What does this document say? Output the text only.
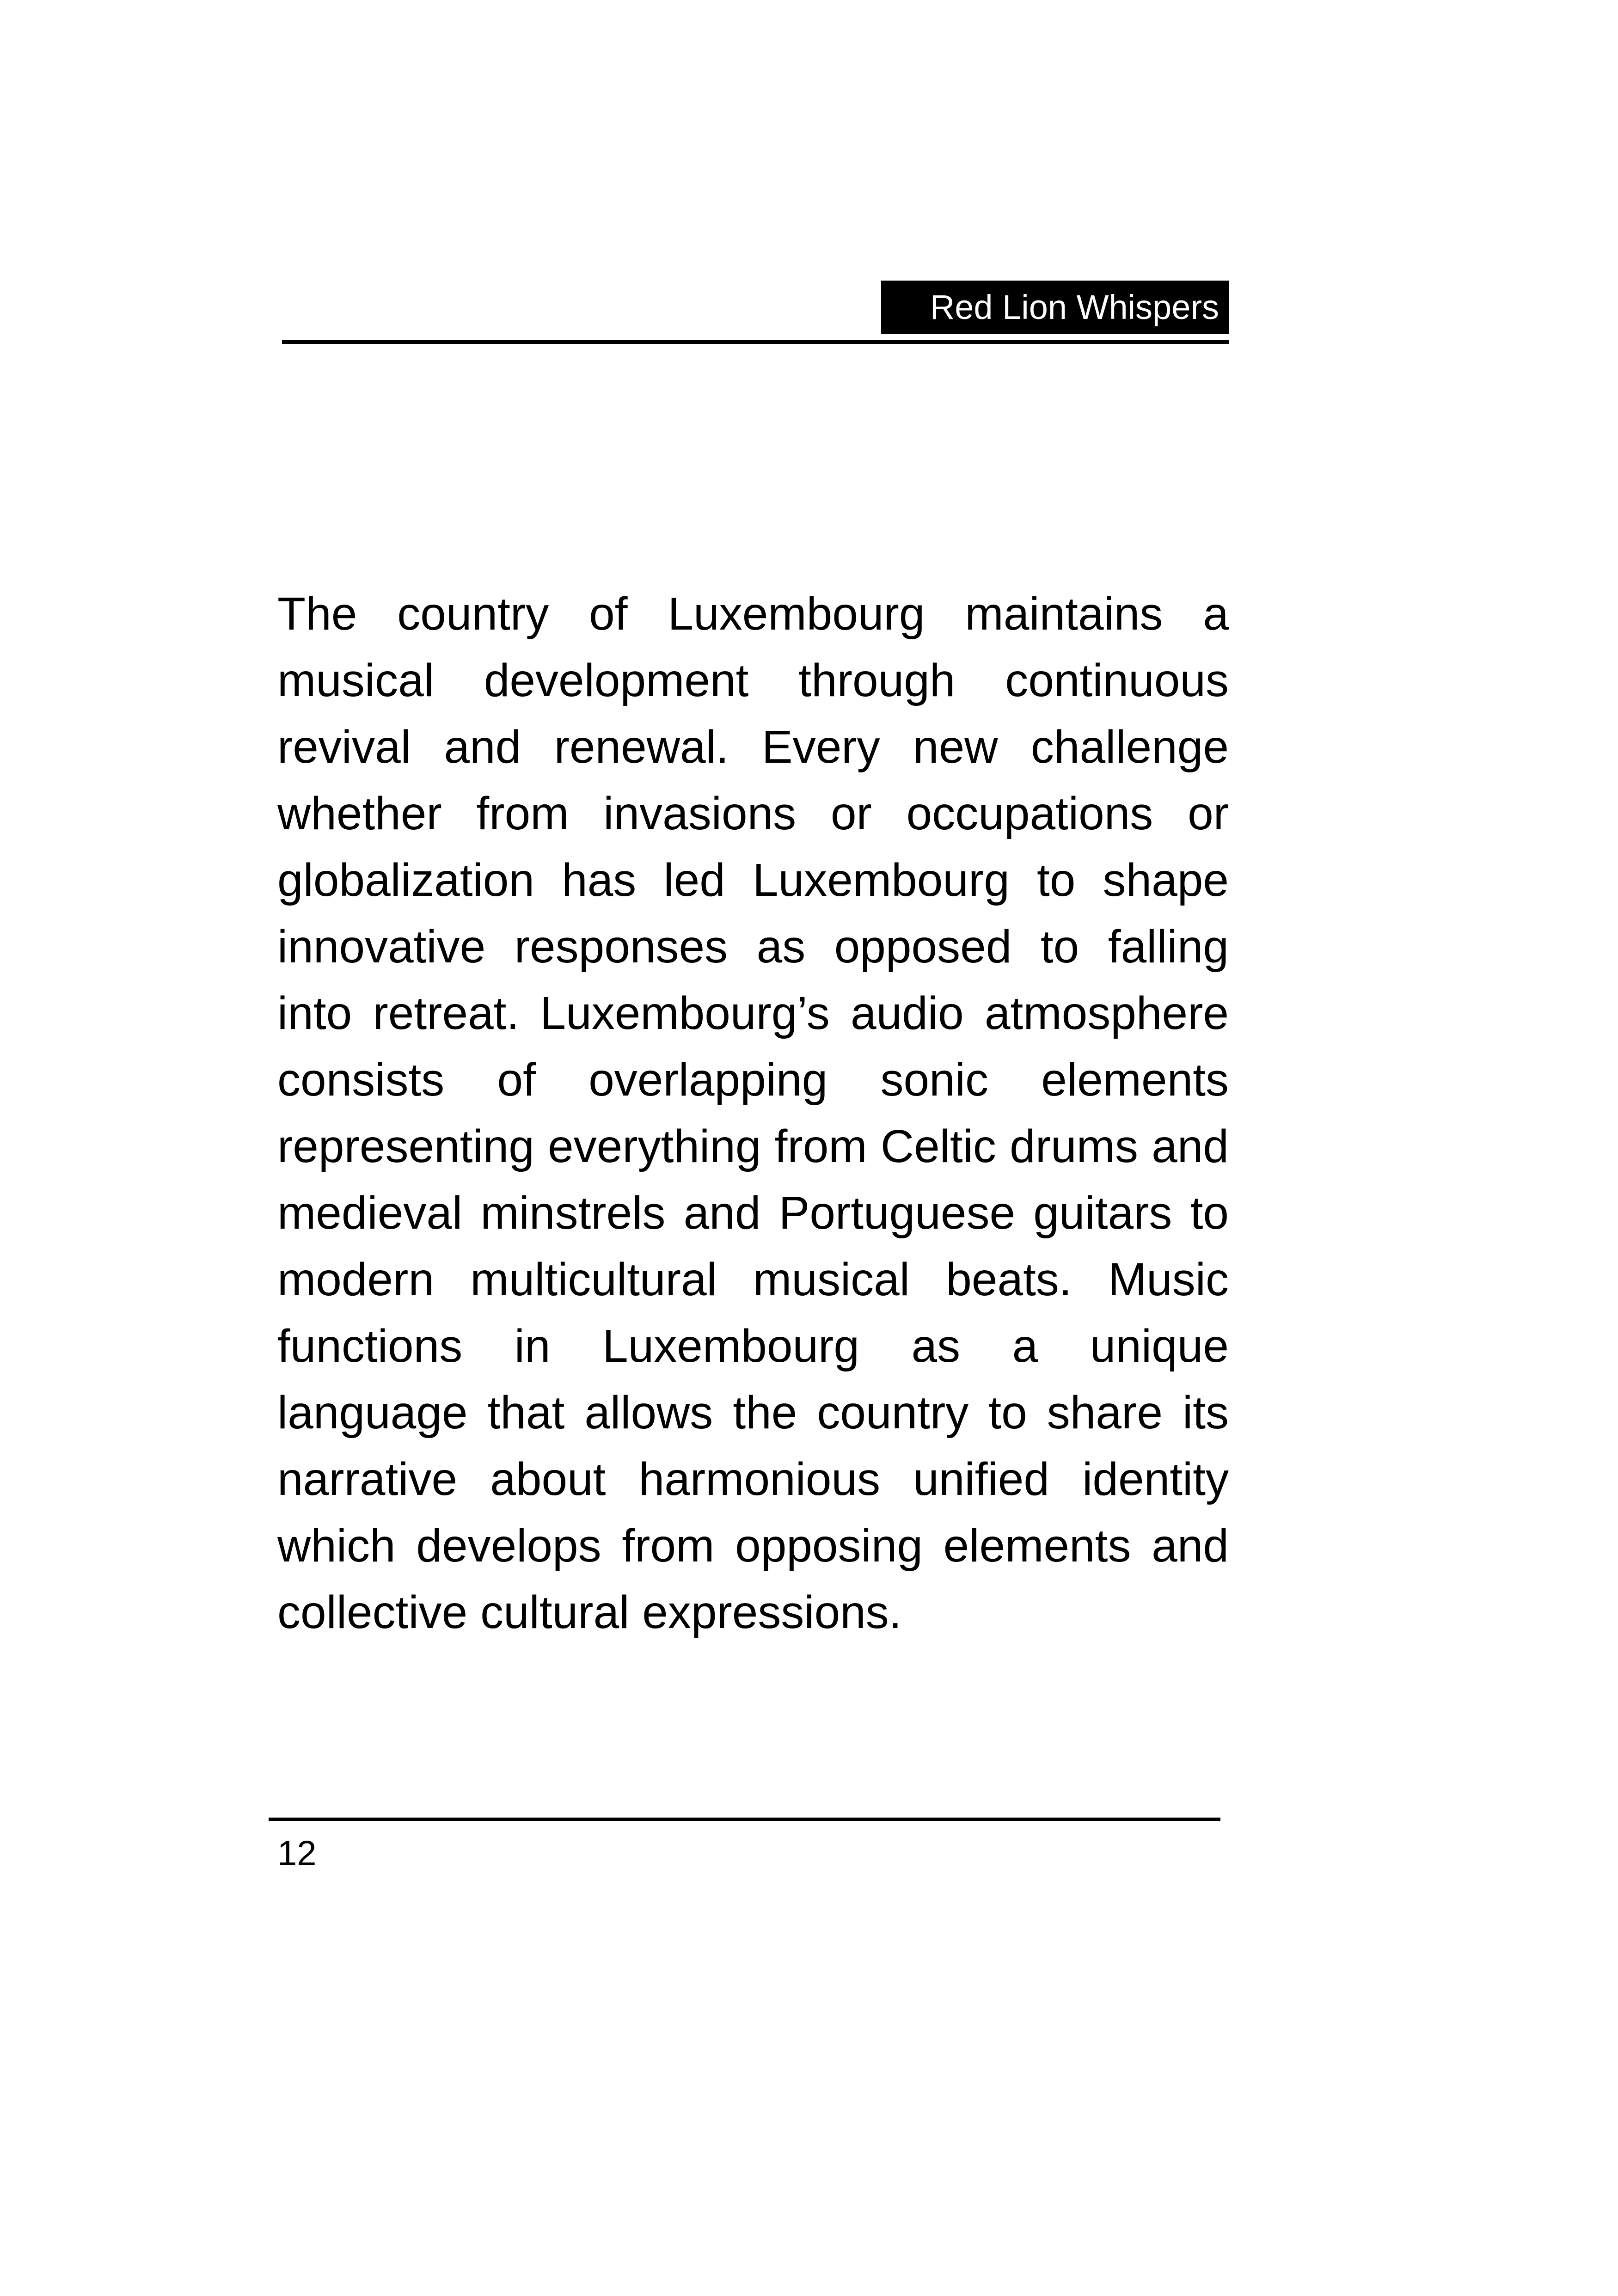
Red Lion Whispers

The country of Luxembourg maintains a musical development through continuous revival and renewal. Every new challenge whether from invasions or occupations or globalization has led Luxembourg to shape innovative responses as opposed to falling into retreat. Luxembourg’s audio atmosphere consists of overlapping sonic elements representing everything from Celtic drums and medieval minstrels and Portuguese guitars to modern multicultural musical beats. Music functions in Luxembourg as a unique language that allows the country to share its narrative about harmonious unified identity which develops from opposing elements and collective cultural expressions.

12
